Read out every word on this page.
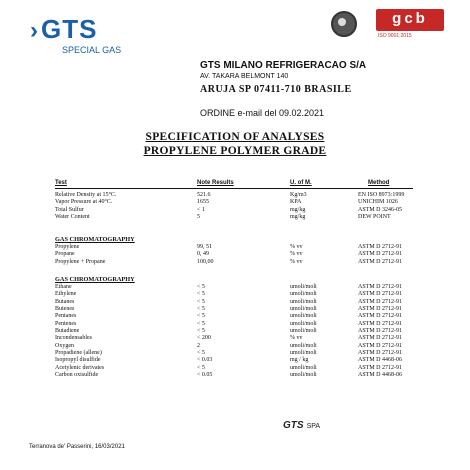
›GTS
SPECIAL GAS
gcb
ISO 9001:2015
GTS MILANO REFRIGERACAO S/A
AV. TAKARA BELMONT 140
ARUJA SP 07411-710 BRASILE
ORDINE e-mail del 09.02.2021
SPECIFICATION OF ANALYSES
PROPYLENE POLYMER GRADE
Test	Note Results	U. of M.	Method
Relative Density at 15°C.	521.6	Kg/m3	EN ISO 8973:1999
Vapor Pressure at 40°C.	1655	KPA	UNICHIM 1026
Total Sulfur	< 1	mg/kg	ASTM D 3246-05
Water Content	5	mg/kg	DEW POINT
GAS CHROMATOGRAPHY
Propylene	99, 51	% vv	ASTM D 2712-91
Propane	0, 49	% vv	ASTM D 2712-91
Propylene + Propane	100,00	% vv	ASTM D 2712-91
GAS CHROMATOGRAPHY
Ethane	< 5	umoli/moli	ASTM D 2712-91
Ethylene	< 5	umoli/moli	ASTM D 2712-91
Butanes	< 5	umoli/moli	ASTM D 2712-91
Butenes	< 5	umoli/moli	ASTM D 2712-91
Pentanes	< 5	umoli/moli	ASTM D 2712-91
Pentenes	< 5	umoli/moli	ASTM D 2712-91
Butadiene	< 5	umoli/moli	ASTM D 2712-91
Incondensables	< 200	% vv	ASTM D 2712-91
Oxygen	2	umoli/moli	ASTM D 2712-91
Propadiene (allene)	< 5	umoli/moli	ASTM D 2712-91
Isopropyl disulfide	< 0.03	mg / kg	ASTM D 4468-06
Acetylenic derivates	< 5	umoli/moli	ASTM D 2712-91
Carbon oxisulfide	< 0.05	umoli/moli	ASTM D 4468-06
GTS SPA
Terranova de' Passerini, 16/03/2021
